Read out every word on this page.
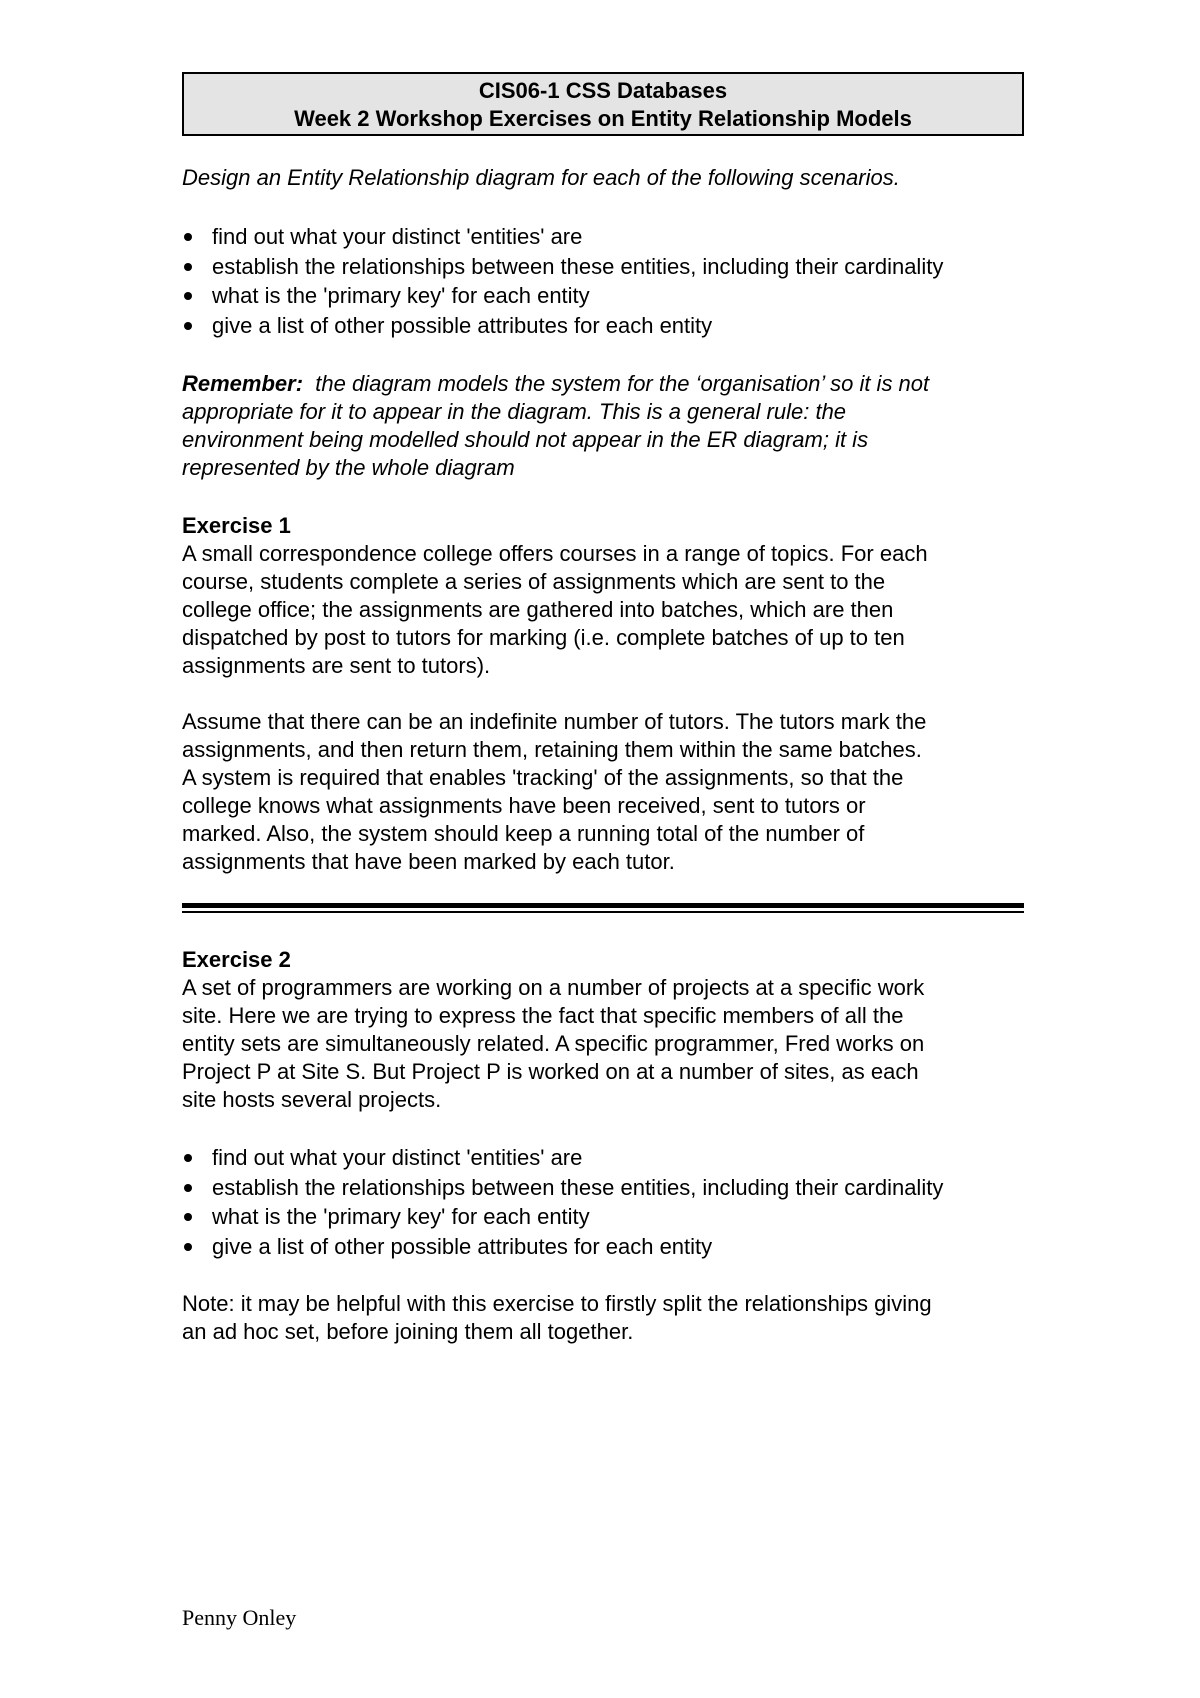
CIS06-1 CSS Databases
Week 2 Workshop Exercises on Entity Relationship Models
Design an Entity Relationship diagram for each of the following scenarios.
find out what your distinct 'entities' are
establish the relationships between these entities, including their cardinality
what is the 'primary key' for each entity
give a list of other possible attributes for each entity
Remember: the diagram models the system for the ‘organisation’ so it is not
appropriate for it to appear in the diagram. This is a general rule: the
environment being modelled should not appear in the ER diagram; it is
represented by the whole diagram
Exercise 1
A small correspondence college offers courses in a range of topics. For each
course, students complete a series of assignments which are sent to the
college office; the assignments are gathered into batches, which are then
dispatched by post to tutors for marking (i.e. complete batches of up to ten
assignments are sent to tutors).
Assume that there can be an indefinite number of tutors. The tutors mark the
assignments, and then return them, retaining them within the same batches.
A system is required that enables 'tracking' of the assignments, so that the
college knows what assignments have been received, sent to tutors or
marked. Also, the system should keep a running total of the number of
assignments that have been marked by each tutor.
Exercise 2
A set of programmers are working on a number of projects at a specific work
site. Here we are trying to express the fact that specific members of all the
entity sets are simultaneously related. A specific programmer, Fred works on
Project P at Site S. But Project P is worked on at a number of sites, as each
site hosts several projects.
find out what your distinct 'entities' are
establish the relationships between these entities, including their cardinality
what is the 'primary key' for each entity
give a list of other possible attributes for each entity
Note: it may be helpful with this exercise to firstly split the relationships giving
an ad hoc set, before joining them all together.
Penny Onley
